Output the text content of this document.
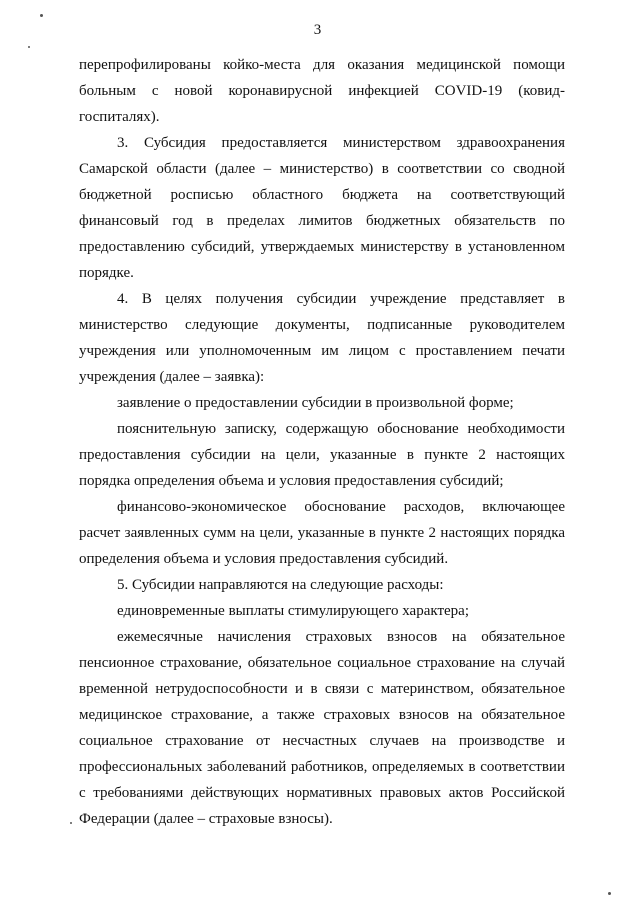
3

перепрофилированы койко-места для оказания медицинской помощи больным с новой коронавирусной инфекцией COVID-19 (ковид-госпиталях).

3. Субсидия предоставляется министерством здравоохранения Самарской области (далее – министерство) в соответствии со сводной бюджетной росписью областного бюджета на соответствующий финансовый год в пределах лимитов бюджетных обязательств по предоставлению субсидий, утверждаемых министерству в установленном порядке.

4. В целях получения субсидии учреждение представляет в министерство следующие документы, подписанные руководителем учреждения или уполномоченным им лицом с проставлением печати учреждения (далее – заявка):

заявление о предоставлении субсидии в произвольной форме;

пояснительную записку, содержащую обоснование необходимости предоставления субсидии на цели, указанные в пункте 2 настоящих порядка определения объема и условия предоставления субсидий;

финансово-экономическое обоснование расходов, включающее расчет заявленных сумм на цели, указанные в пункте 2 настоящих порядка определения объема и условия предоставления субсидий.

5. Субсидии направляются на следующие расходы:

единовременные выплаты стимулирующего характера;

ежемесячные начисления страховых взносов на обязательное пенсионное страхование, обязательное социальное страхование на случай временной нетрудоспособности и в связи с материнством, обязательное медицинское страхование, а также страховых взносов на обязательное социальное страхование от несчастных случаев на производстве и профессиональных заболеваний работников, определяемых в соответствии с требованиями действующих нормативных правовых актов Российской Федерации (далее – страховые взносы).
